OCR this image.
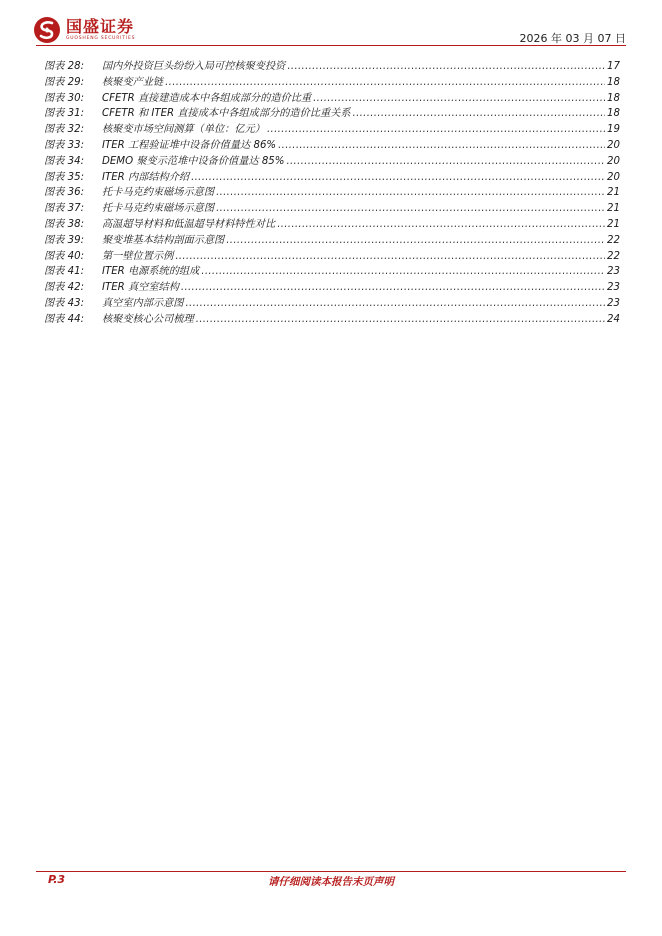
国盛证券
GUOSHENG SECURITIES	2026 年 03 月 07 日
图表 28:	国内外投资巨头纷纷入局可控核聚变投资 .....	17
图表 29:	核聚变产业链 .....	18
图表 30:	CFETR 直接建造成本中各组成部分的造价比重 .....	18
图表 31:	CFETR 和 ITER 直接成本中各组成部分的造价比重关系 .....	18
图表 32:	核聚变市场空间测算（单位：亿元） .....	19
图表 33:	ITER 工程验证堆中设备价值量达 86% .....	20
图表 34:	DEMO 聚变示范堆中设备价值量达 85% .....	20
图表 35:	ITER 内部结构介绍 .....	20
图表 36:	托卡马克约束磁场示意图 .....	21
图表 37:	托卡马克约束磁场示意图 .....	21
图表 38:	高温超导材料和低温超导材料特性对比 .....	21
图表 39:	聚变堆基本结构剖面示意图 .....	22
图表 40:	第一壁位置示例 .....	22
图表 41:	ITER 电源系统的组成 .....	23
图表 42:	ITER 真空室结构 .....	23
图表 43:	真空室内部示意图 .....	23
图表 44:	核聚变核心公司梳理 .....	24
P.3	请仔细阅读本报告末页声明
